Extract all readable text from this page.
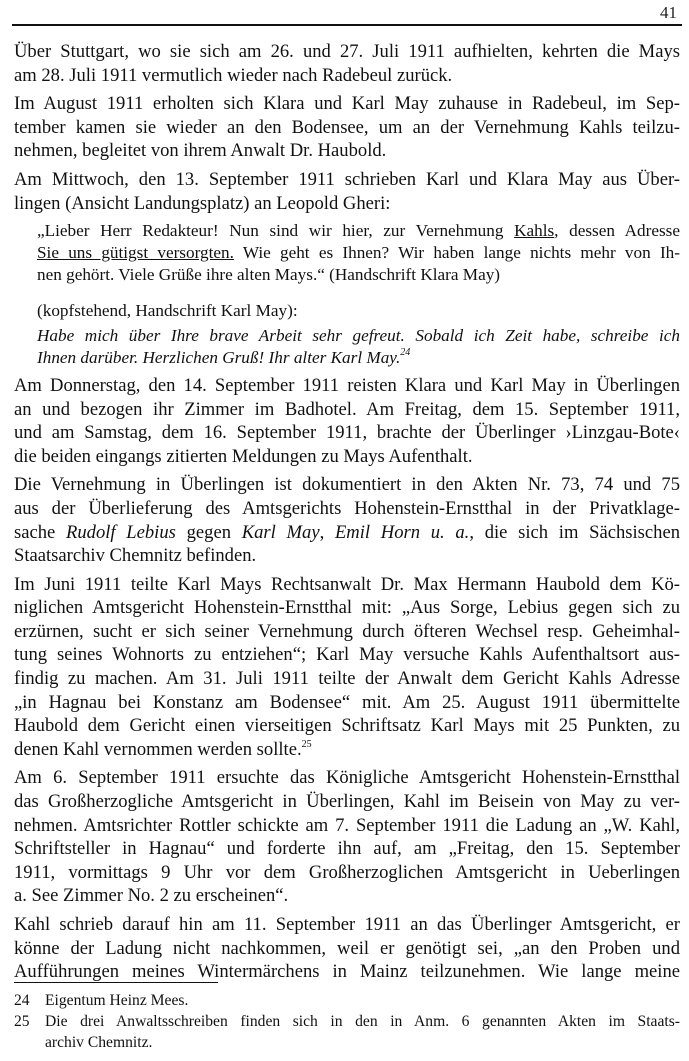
41

Über Stuttgart, wo sie sich am 26. und 27. Juli 1911 aufhielten, kehrten die Mays
am 28. Juli 1911 vermutlich wieder nach Radebeul zurück.

Im August 1911 erholten sich Klara und Karl May zuhause in Radebeul, im Sep-
tember kamen sie wieder an den Bodensee, um an der Vernehmung Kahls teilzu-
nehmen, begleitet von ihrem Anwalt Dr. Haubold.

Am Mittwoch, den 13. September 1911 schrieben Karl und Klara May aus Über-
lingen (Ansicht Landungsplatz) an Leopold Gheri:

„Lieber Herr Redakteur! Nun sind wir hier, zur Vernehmung Kahls, dessen Adresse
Sie uns gütigst versorgten. Wie geht es Ihnen? Wir haben lange nichts mehr von Ih-
nen gehört. Viele Grüße ihre alten Mays.“ (Handschrift Klara May)
(kopfstehend, Handschrift Karl May):
Habe mich über Ihre brave Arbeit sehr gefreut. Sobald ich Zeit habe, schreibe ich
Ihnen darüber. Herzlichen Gruß! Ihr alter Karl May.$^{24}$

Am Donnerstag, den 14. September 1911 reisten Klara und Karl May in Überlingen
an und bezogen ihr Zimmer im Badhotel. Am Freitag, dem 15. September 1911,
und am Samstag, dem 16. September 1911, brachte der Überlinger ›Linzgau-Bote‹
die beiden eingangs zitierten Meldungen zu Mays Aufenthalt.

Die Vernehmung in Überlingen ist dokumentiert in den Akten Nr. 73, 74 und 75
aus der Überlieferung des Amtsgerichts Hohenstein-Ernstthal in der Privatklage-
sache Rudolf Lebius gegen Karl May, Emil Horn u. a., die sich im Sächsischen
Staatsarchiv Chemnitz befinden.

Im Juni 1911 teilte Karl Mays Rechtsanwalt Dr. Max Hermann Haubold dem Kö-
niglichen Amtsgericht Hohenstein-Ernstthal mit: „Aus Sorge, Lebius gegen sich zu
erzürnen, sucht er sich seiner Vernehmung durch öfteren Wechsel resp. Geheimhal-
tung seines Wohnorts zu entziehen“; Karl May versuche Kahls Aufenthaltsort aus-
findig zu machen. Am 31. Juli 1911 teilte der Anwalt dem Gericht Kahls Adresse
„in Hagnau bei Konstanz am Bodensee“ mit. Am 25. August 1911 übermittelte
Haubold dem Gericht einen vierseitigen Schriftsatz Karl Mays mit 25 Punkten, zu
denen Kahl vernommen werden sollte.$^{25}$

Am 6. September 1911 ersuchte das Königliche Amtsgericht Hohenstein-Ernstthal
das Großherzogliche Amtsgericht in Überlingen, Kahl im Beisein von May zu ver-
nehmen. Amtsrichter Rottler schickte am 7. September 1911 die Ladung an „W. Kahl,
Schriftsteller in Hagnau“ und forderte ihn auf, am „Freitag, den 15. September
1911, vormittags 9 Uhr vor dem Großherzoglichen Amtsgericht in Ueberlingen
a. See Zimmer No. 2 zu erscheinen“.

Kahl schrieb darauf hin am 11. September 1911 an das Überlinger Amtsgericht, er
könne der Ladung nicht nachkommen, weil er genötigt sei, „an den Proben und
Aufführungen meines Wintermärchens in Mainz teilzunehmen. Wie lange meine

24 Eigentum Heinz Mees.
25 Die drei Anwaltsschreiben finden sich in den in Anm. 6 genannten Akten im Staats-
archiv Chemnitz.
